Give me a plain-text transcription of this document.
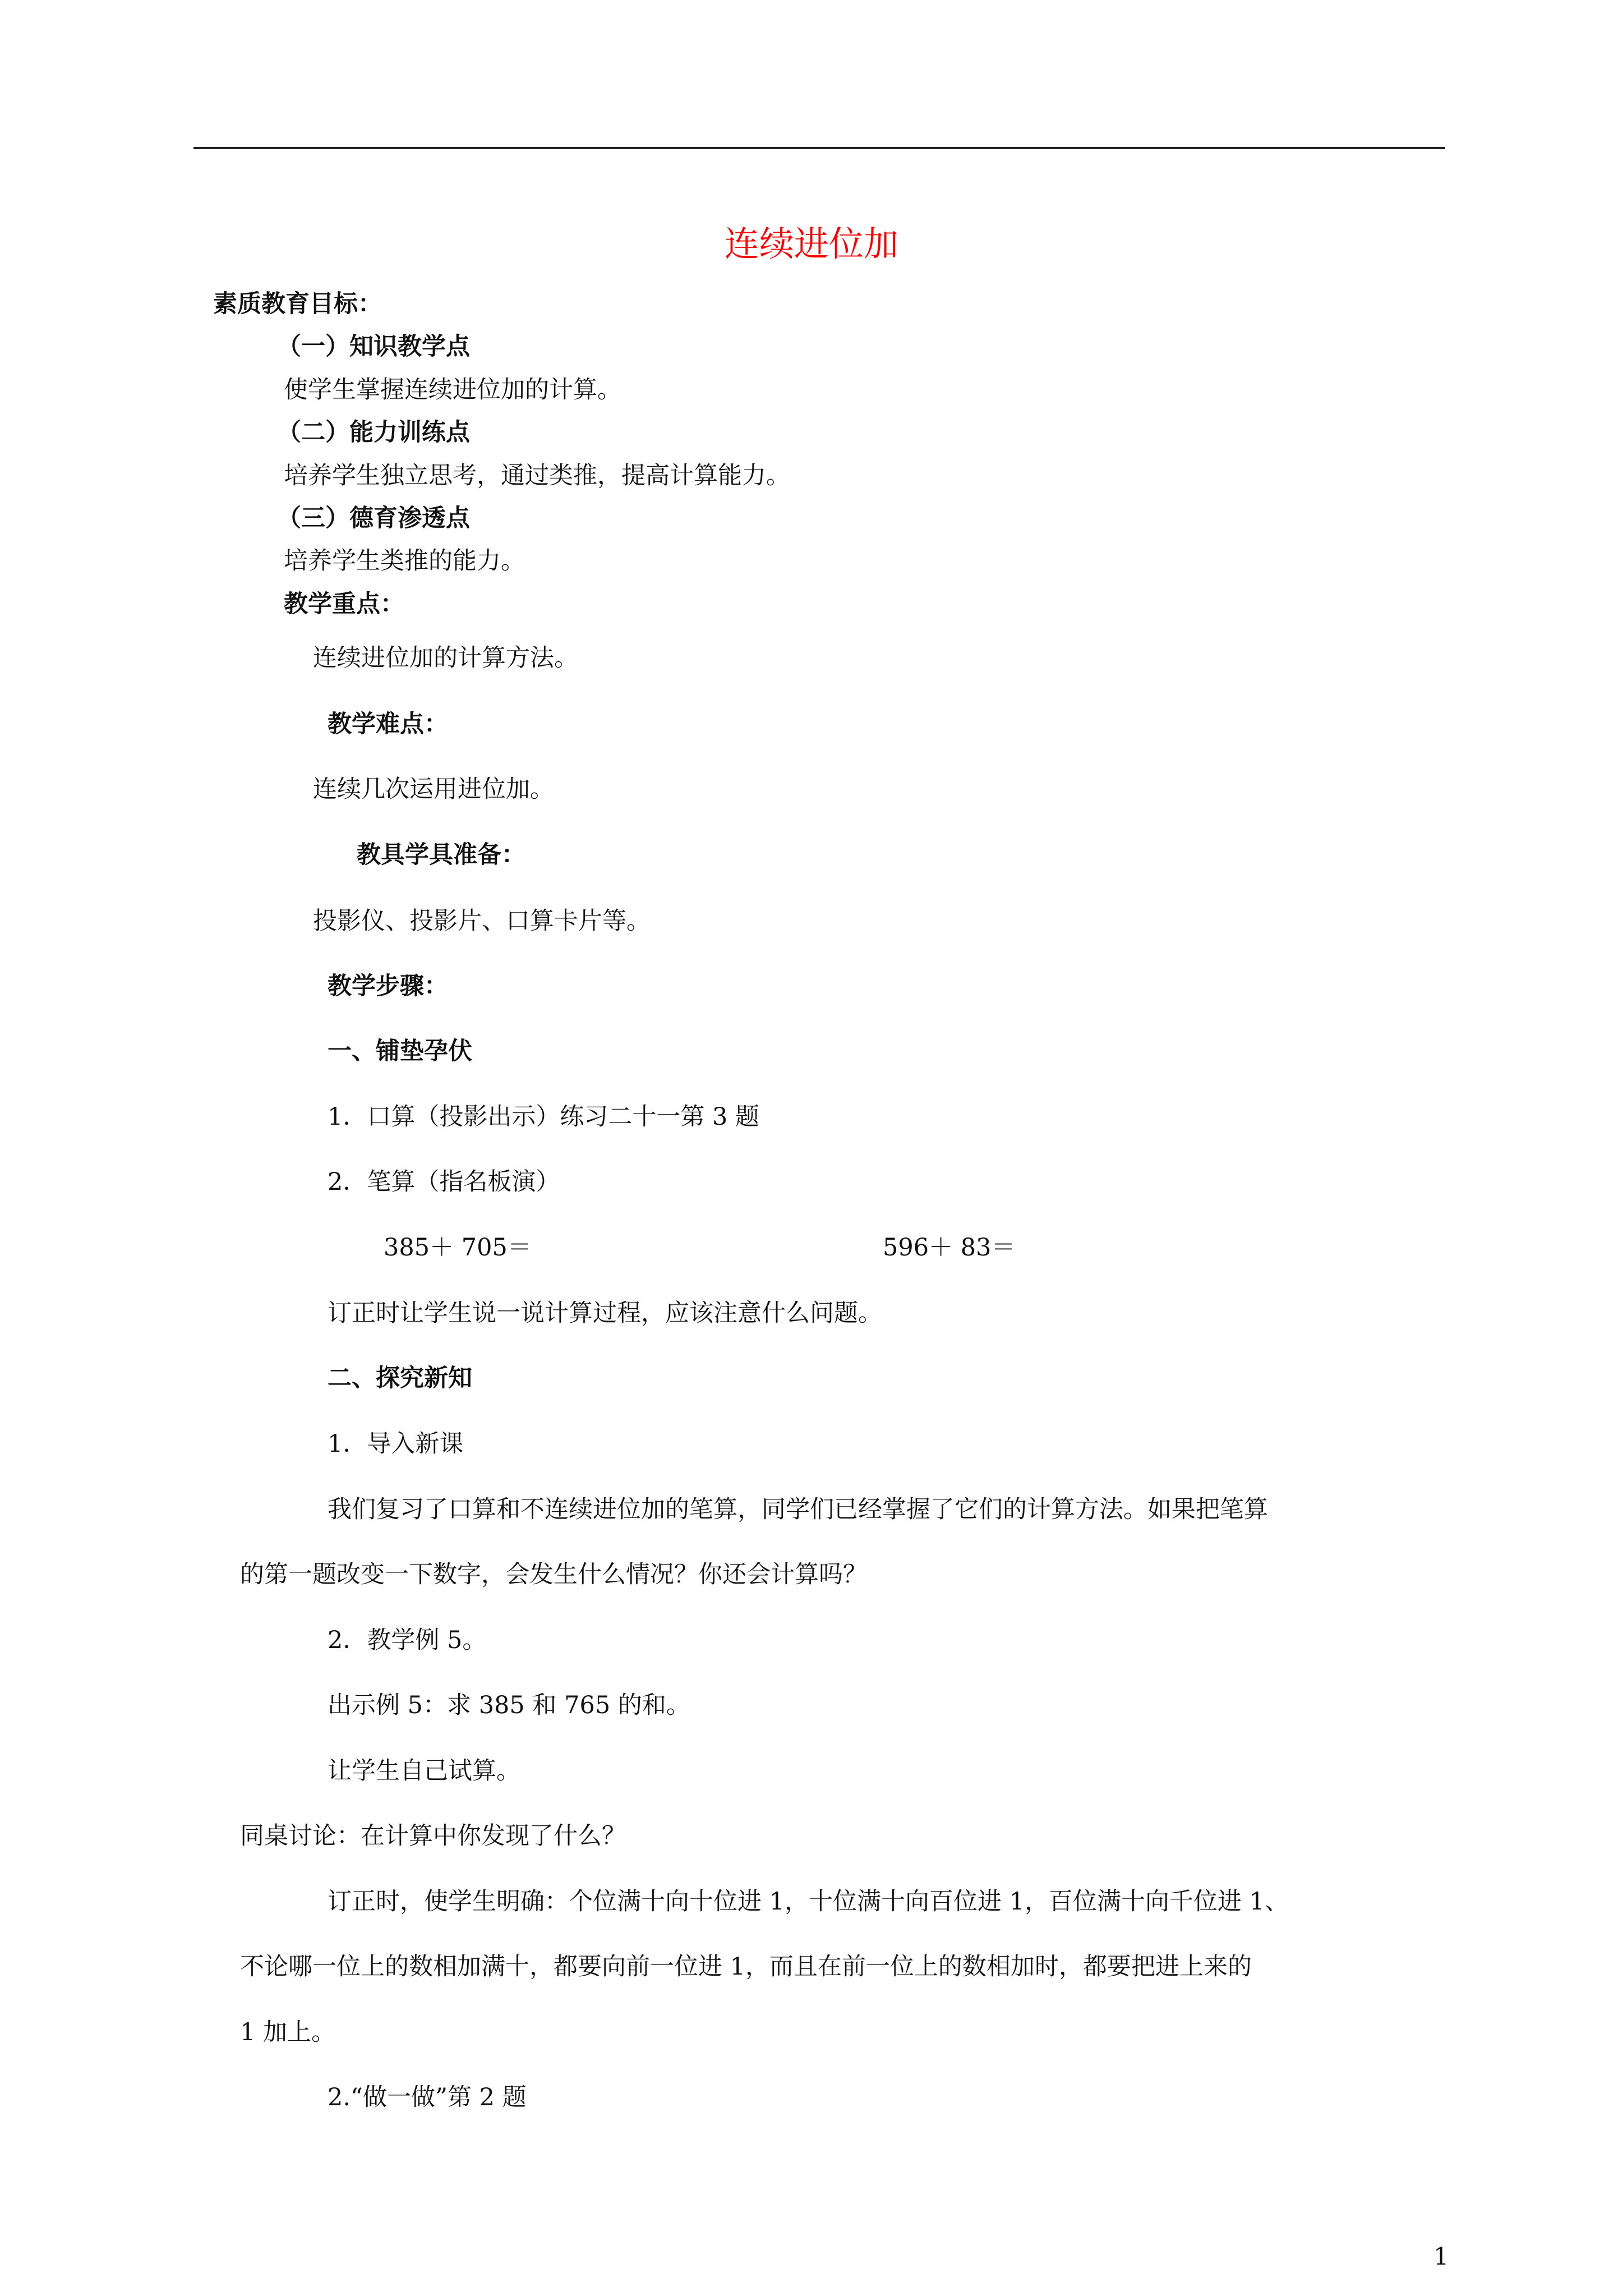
连续进位加
素质教育目标：
（一）知识教学点
使学生掌握连续进位加的计算。
（二）能力训练点
培养学生独立思考，通过类推，提高计算能力。
（三）德育渗透点
培养学生类推的能力。
教学重点：
连续进位加的计算方法。
教学难点：
连续几次运用进位加。
教具学具准备：
投影仪、投影片、口算卡片等。
教学步骤：
一、铺垫孕伏
1．口算（投影出示）练习二十一第 3 题
2．笔算（指名板演）
385＋ 705＝	596＋ 83＝
订正时让学生说一说计算过程，应该注意什么问题。
二、探究新知
1．导入新课
我们复习了口算和不连续进位加的笔算，同学们已经掌握了它们的计算方法。如果把笔算
的第一题改变一下数字，会发生什么情况？你还会计算吗？
2．教学例 5。
出示例 5：求 385 和 765 的和。
让学生自己试算。
同桌讨论：在计算中你发现了什么？
订正时，使学生明确：个位满十向十位进 1，十位满十向百位进 1，百位满十向千位进 1、
不论哪一位上的数相加满十，都要向前一位进 1，而且在前一位上的数相加时，都要把进上来的
1 加上。
2.“做一做”第 2 题
1
